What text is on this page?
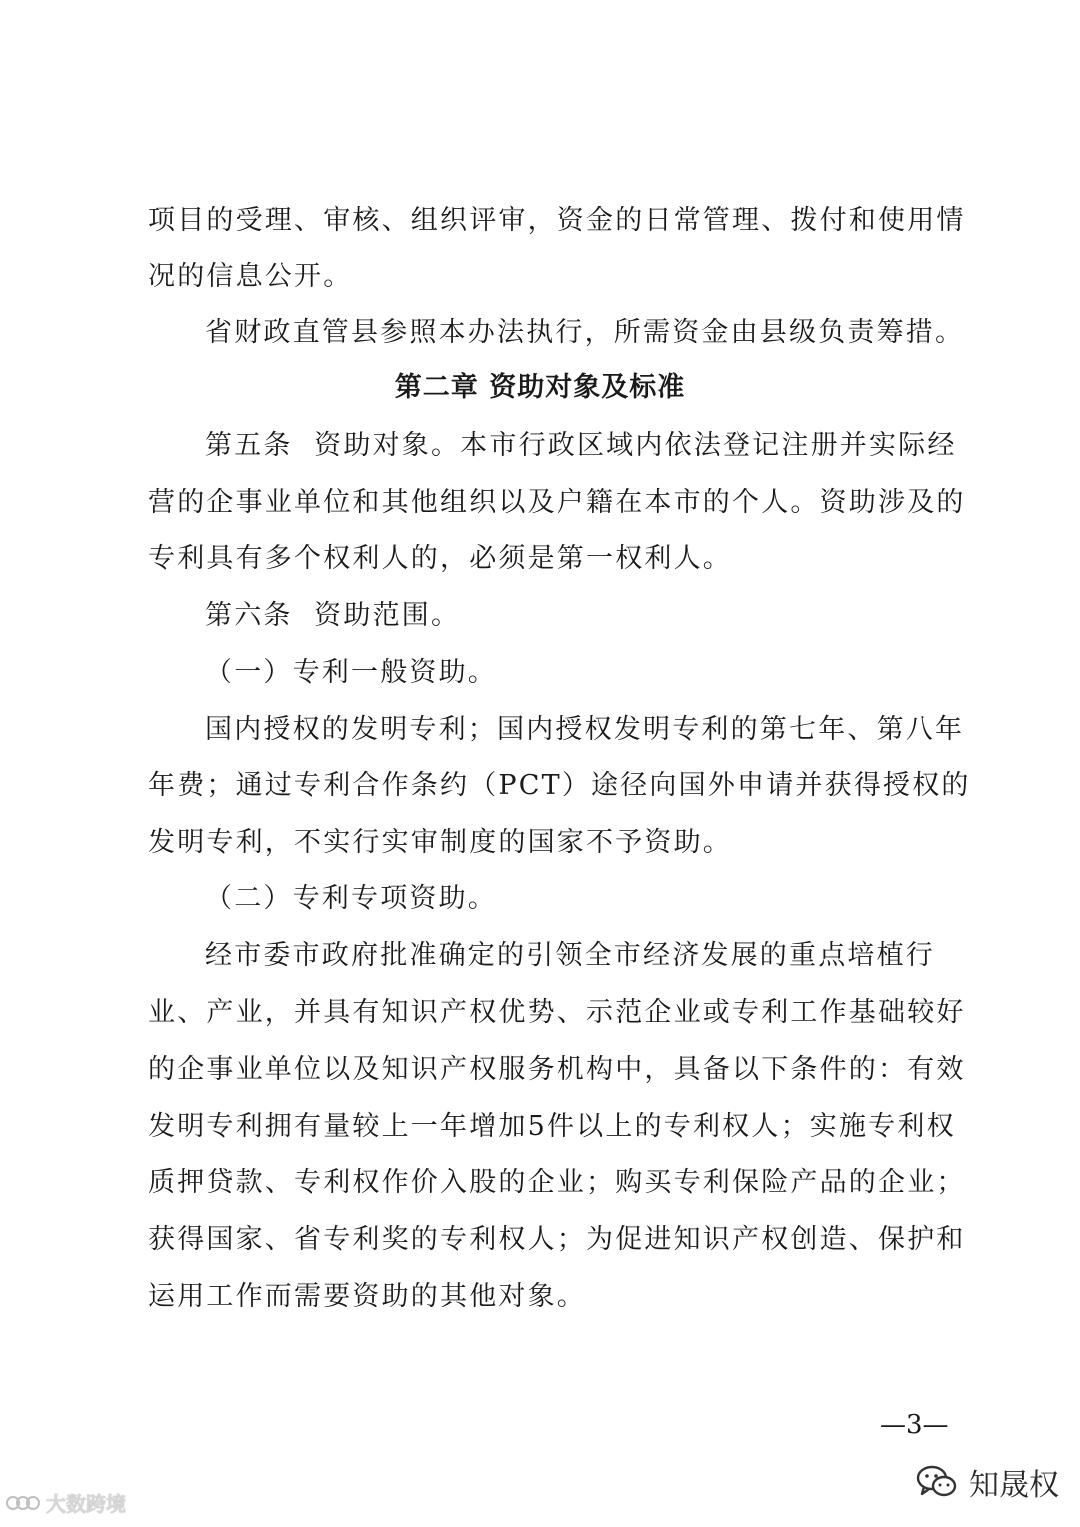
项目的受理、审核、组织评审，资金的日常管理、拨付和使用情
况的信息公开。
省财政直管县参照本办法执行，所需资金由县级负责筹措。
第二章 资助对象及标准
第五条  资助对象。本市行政区域内依法登记注册并实际经
营的企事业单位和其他组织以及户籍在本市的个人。资助涉及的
专利具有多个权利人的，必须是第一权利人。
第六条  资助范围。
（一）专利一般资助。
国内授权的发明专利；国内授权发明专利的第七年、第八年
年费；通过专利合作条约（PCT）途径向国外申请并获得授权的
发明专利，不实行实审制度的国家不予资助。
（二）专利专项资助。
经市委市政府批准确定的引领全市经济发展的重点培植行
业、产业，并具有知识产权优势、示范企业或专利工作基础较好
的企事业单位以及知识产权服务机构中，具备以下条件的：有效
发明专利拥有量较上一年增加5件以上的专利权人；实施专利权
质押贷款、专利权作价入股的企业；购买专利保险产品的企业；
获得国家、省专利奖的专利权人；为促进知识产权创造、保护和
运用工作而需要资助的其他对象。
—3—
大数跨境
知晟权
